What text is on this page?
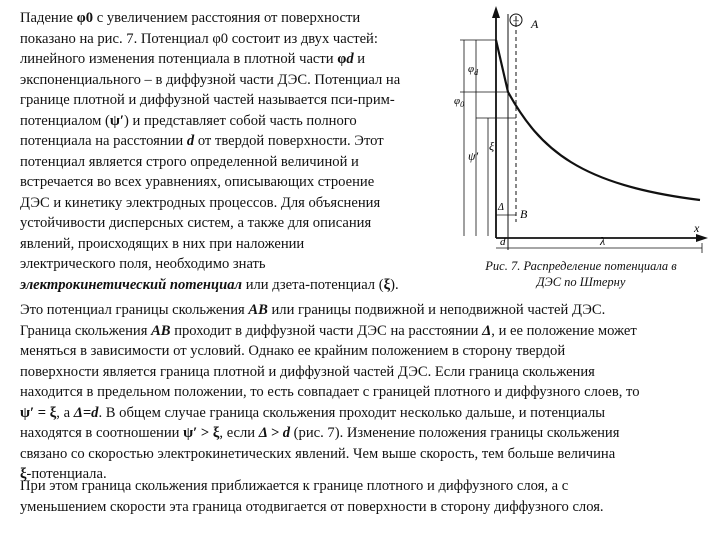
Падение φ0 с увеличением расстояния от поверхности
показано на рис. 7. Потенциал φ0 состоит из двух частей:
линейного изменения потенциала в плотной части φd и
экспоненциального – в диффузной части ДЭС. Потенциал на
границе плотной и диффузной частей называется пси-прим-
потенциалом (ψ′) и представляет собой часть полного
потенциала на расстоянии d от твердой поверхности. Этот
потенциал является строго определенной величиной и
встречается во всех уравнениях, описывающих строение
ДЭС и кинетику электродных процессов. Для объяснения
устойчивости дисперсных систем, а также для описания
явлений, происходящих в них при наложении
электрического поля, необходимо знать
электрокинетический потенциал или дзета-потенциал (ξ).

Это потенциал границы скольжения АВ или границы подвижной и неподвижной частей ДЭС.
Граница скольжения АВ проходит в диффузной части ДЭС на расстоянии Δ, и ее положение может
меняться в зависимости от условий. Однако ее крайним положением в сторону твердой
поверхности является граница плотной и диффузной частей ДЭС. Если граница скольжения
находится в предельном положении, то есть совпадает с границей плотного и диффузного слоев, то
ψ′ = ξ, а Δ=d. В общем случае граница скольжения проходит несколько дальше, и потенциалы
находятся в соотношении ψ′ > ξ, если Δ > d (рис. 7). Изменение положения границы скольжения
связано со скоростью электрокинетических явлений. Чем выше скорость, тем больше величина
ξ-потенциала.

При этом граница скольжения приближается к границе плотного и диффузного слоя, а с
уменьшением скорости эта граница отодвигается от поверхности в сторону диффузного слоя.

+ A
$\varphi_d$
$\varphi_0$
ψ′
ξ
Δ B
d	λ
x
Рис. 7. Распределение потенциала в
ДЭС по Штерну
